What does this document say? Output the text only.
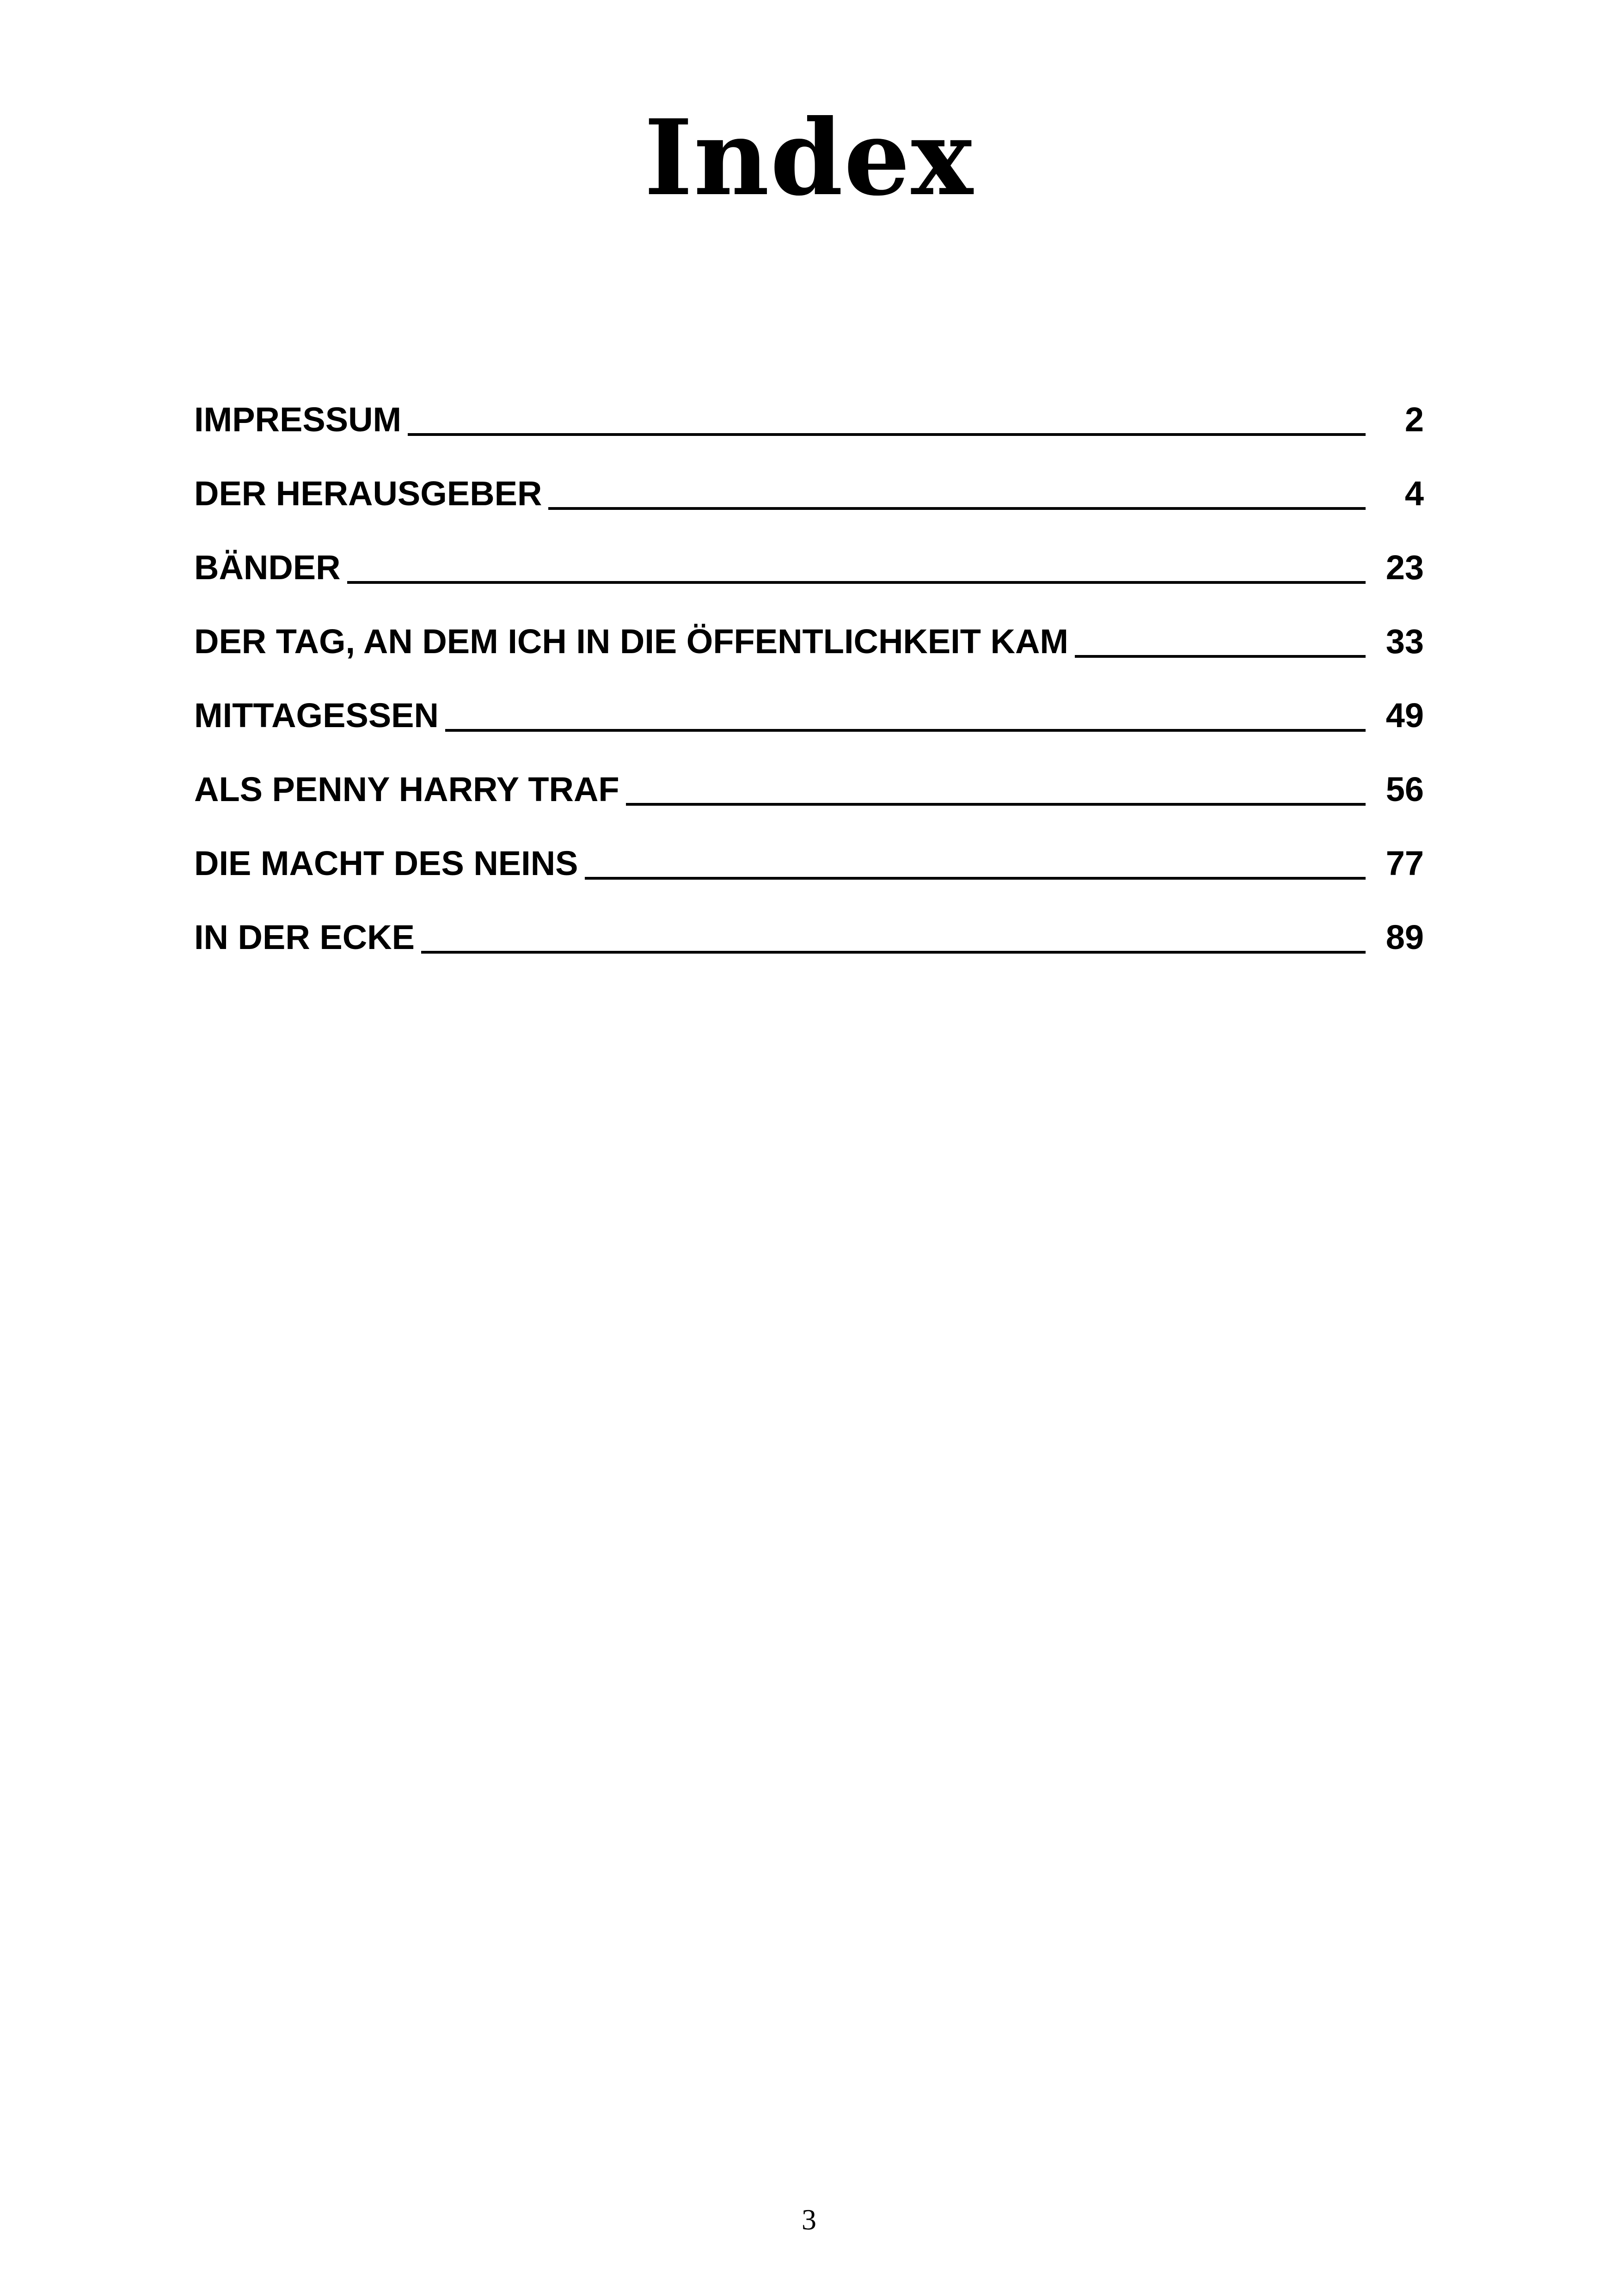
Index
IMPRESSUM	2
DER HERAUSGEBER	4
BÄNDER	23
DER TAG, AN DEM ICH IN DIE ÖFFENTLICHKEIT KAM	33
MITTAGESSEN	49
ALS PENNY HARRY TRAF	56
DIE MACHT DES NEINS	77
IN DER ECKE	89
3
